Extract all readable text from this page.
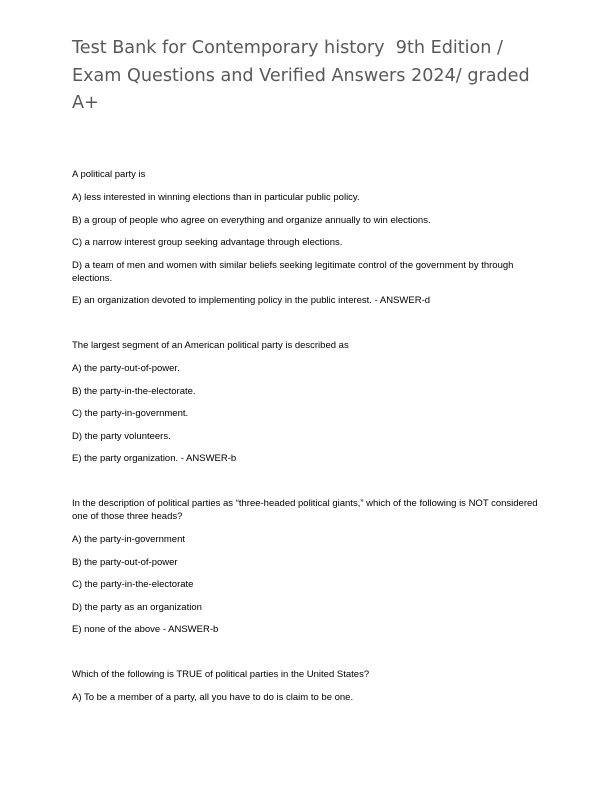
Test Bank for Contemporary history  9th Edition / Exam Questions and Verified Answers 2024/ graded A+

A political party is

A) less interested in winning elections than in particular public policy.

B) a group of people who agree on everything and organize annually to win elections.

C) a narrow interest group seeking advantage through elections.

D) a team of men and women with similar beliefs seeking legitimate control of the government by through elections.

E) an organization devoted to implementing policy in the public interest. - ANSWER-d

The largest segment of an American political party is described as

A) the party-out-of-power.

B) the party-in-the-electorate.

C) the party-in-government.

D) the party volunteers.

E) the party organization. - ANSWER-b

In the description of political parties as “three-headed political giants,” which of the following is NOT considered one of those three heads?

A) the party-in-government

B) the party-out-of-power

C) the party-in-the-electorate

D) the party as an organization

E) none of the above - ANSWER-b

Which of the following is TRUE of political parties in the United States?

A) To be a member of a party, all you have to do is claim to be one.
